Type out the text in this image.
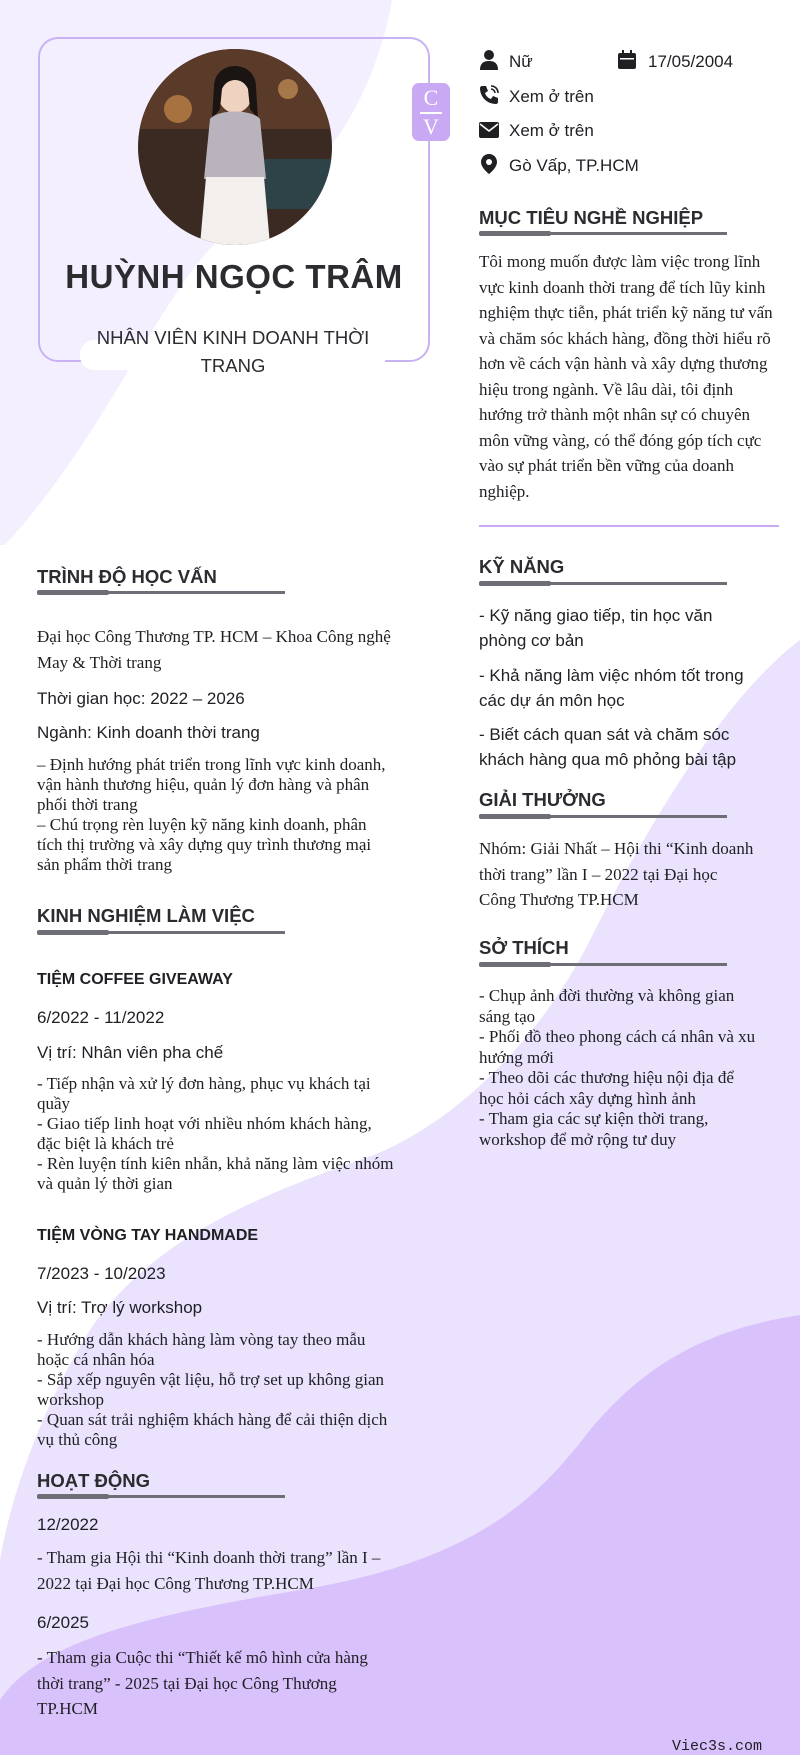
HUỲNH NGỌC TRÂM
NHÂN VIÊN KINH DOANH THỜI TRANG
C
V
Nữ	17/05/2004
Xem ở trên
Xem ở trên
Gò Vấp, TP.HCM
MỤC TIÊU NGHỀ NGHIỆP
Tôi mong muốn được làm việc trong lĩnh
vực kinh doanh thời trang để tích lũy kinh
nghiệm thực tiễn, phát triển kỹ năng tư vấn
và chăm sóc khách hàng, đồng thời hiểu rõ
hơn về cách vận hành và xây dựng thương
hiệu trong ngành. Về lâu dài, tôi định
hướng trở thành một nhân sự có chuyên
môn vững vàng, có thể đóng góp tích cực
vào sự phát triển bền vững của doanh
nghiệp.
TRÌNH ĐỘ HỌC VẤN
Đại học Công Thương TP. HCM – Khoa Công nghệ
May & Thời trang
Thời gian học: 2022 – 2026
Ngành: Kinh doanh thời trang
– Định hướng phát triển trong lĩnh vực kinh doanh,
vận hành thương hiệu, quản lý đơn hàng và phân
phối thời trang
– Chú trọng rèn luyện kỹ năng kinh doanh, phân
tích thị trường và xây dựng quy trình thương mại
sản phẩm thời trang
KINH NGHIỆM LÀM VIỆC
TIỆM COFFEE GIVEAWAY
6/2022 - 11/2022
Vị trí: Nhân viên pha chế
- Tiếp nhận và xử lý đơn hàng, phục vụ khách tại
quầy
- Giao tiếp linh hoạt với nhiều nhóm khách hàng,
đặc biệt là khách trẻ
- Rèn luyện tính kiên nhẫn, khả năng làm việc nhóm
và quản lý thời gian
TIỆM VÒNG TAY HANDMADE
7/2023 - 10/2023
Vị trí: Trợ lý workshop
- Hướng dẫn khách hàng làm vòng tay theo mẫu
hoặc cá nhân hóa
- Sắp xếp nguyên vật liệu, hỗ trợ set up không gian
workshop
- Quan sát trải nghiệm khách hàng để cải thiện dịch
vụ thủ công
HOẠT ĐỘNG
12/2022
- Tham gia Hội thi “Kinh doanh thời trang” lần I –
2022 tại Đại học Công Thương TP.HCM
6/2025
- Tham gia Cuộc thi “Thiết kế mô hình cửa hàng
thời trang” - 2025 tại Đại học Công Thương
TP.HCM
KỸ NĂNG
- Kỹ năng giao tiếp, tin học văn
phòng cơ bản
- Khả năng làm việc nhóm tốt trong
các dự án môn học
- Biết cách quan sát và chăm sóc
khách hàng qua mô phỏng bài tập
GIẢI THƯỞNG
Nhóm: Giải Nhất – Hội thi “Kinh doanh
thời trang” lần I – 2022 tại Đại học
Công Thương TP.HCM
SỞ THÍCH
- Chụp ảnh đời thường và không gian
sáng tạo
- Phối đồ theo phong cách cá nhân và xu
hướng mới
- Theo dõi các thương hiệu nội địa để
học hỏi cách xây dựng hình ảnh
- Tham gia các sự kiện thời trang,
workshop để mở rộng tư duy
Viec3s.com
